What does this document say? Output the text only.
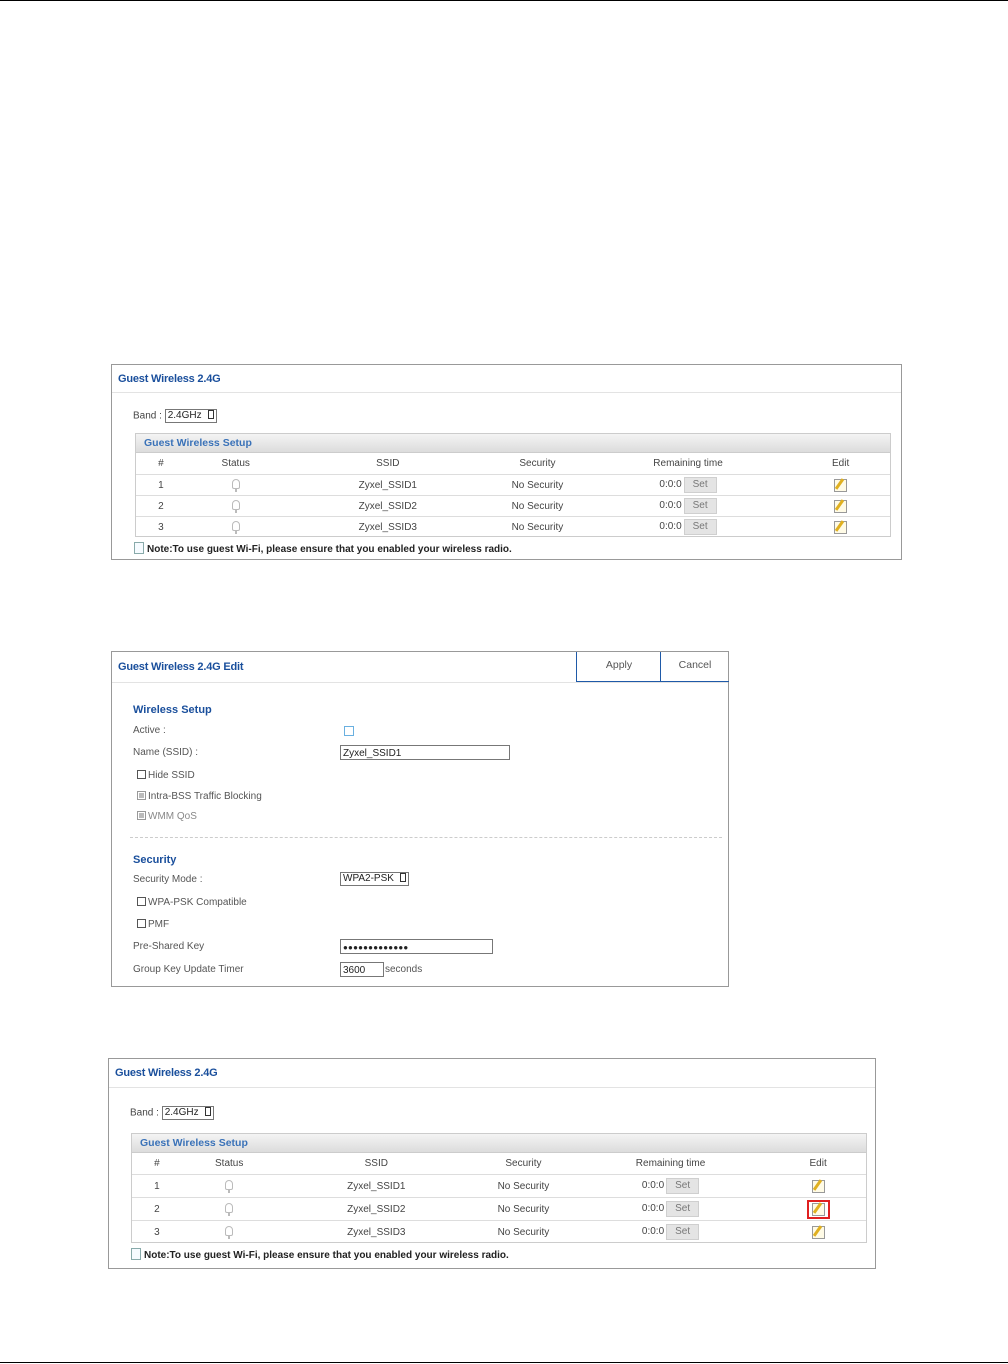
Guest Wireless 2.4G
Band : 2.4GHz
Guest Wireless Setup
#	Status	SSID	Security	Remaining time	Edit
1		Zyxel_SSID1	No Security	0:0:0 Set	
2		Zyxel_SSID2	No Security	0:0:0 Set	
3		Zyxel_SSID3	No Security	0:0:0 Set	
Note:To use guest Wi-Fi, please ensure that you enabled your wireless radio.
Guest Wireless 2.4G Edit	Apply	Cancel
Wireless Setup
Active :
Name (SSID) :	Zyxel_SSID1
Hide SSID
Intra-BSS Traffic Blocking
WMM QoS
Security
Security Mode :	WPA2-PSK
WPA-PSK Compatible
PMF
Pre-Shared Key	●●●●●●●●●●●●●
Group Key Update Timer	3600	seconds
Guest Wireless 2.4G
Band : 2.4GHz
Guest Wireless Setup
#	Status	SSID	Security	Remaining time	Edit
1		Zyxel_SSID1	No Security	0:0:0 Set	
2		Zyxel_SSID2	No Security	0:0:0 Set	
3		Zyxel_SSID3	No Security	0:0:0 Set	
Note:To use guest Wi-Fi, please ensure that you enabled your wireless radio.
